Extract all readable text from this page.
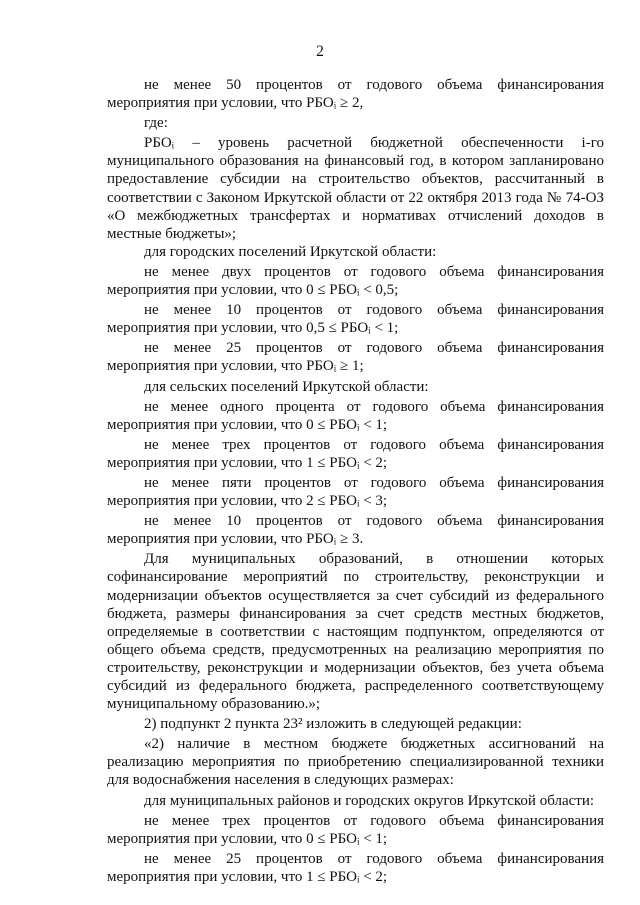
2

не менее 50 процентов от годового объема финансирования мероприятия при условии, что РБОᵢ ≥ 2,

где:

РБОᵢ – уровень расчетной бюджетной обеспеченности i-го муниципального образования на финансовый год, в котором запланировано предоставление субсидии на строительство объектов, рассчитанный в соответствии с Законом Иркутской области от 22 октября 2013 года № 74-ОЗ «О межбюджетных трансфертах и нормативах отчислений доходов в местные бюджеты»;

для городских поселений Иркутской области:

не менее двух процентов от годового объема финансирования мероприятия при условии, что 0 ≤ РБОᵢ < 0,5;

не менее 10 процентов от годового объема финансирования мероприятия при условии, что 0,5 ≤ РБОᵢ < 1;

не менее 25 процентов от годового объема финансирования мероприятия при условии, что РБОᵢ ≥ 1;

для сельских поселений Иркутской области:

не менее одного процента от годового объема финансирования мероприятия при условии, что 0 ≤ РБОᵢ < 1;

не менее трех процентов от годового объема финансирования мероприятия при условии, что 1 ≤ РБОᵢ < 2;

не менее пяти процентов от годового объема финансирования мероприятия при условии, что 2 ≤ РБОᵢ < 3;

не менее 10 процентов от годового объема финансирования мероприятия при условии, что РБОᵢ ≥ 3.

Для муниципальных образований, в отношении которых софинансирование мероприятий по строительству, реконструкции и модернизации объектов осуществляется за счет субсидий из федерального бюджета, размеры финансирования за счет средств местных бюджетов, определяемые в соответствии с настоящим подпунктом, определяются от общего объема средств, предусмотренных на реализацию мероприятия по строительству, реконструкции и модернизации объектов, без учета объема субсидий из федерального бюджета, распределенного соответствующему муниципальному образованию.»;

2) подпункт 2 пункта 23² изложить в следующей редакции:

«2) наличие в местном бюджете бюджетных ассигнований на реализацию мероприятия по приобретению специализированной техники для водоснабжения населения в следующих размерах:

для муниципальных районов и городских округов Иркутской области:

не менее трех процентов от годового объема финансирования мероприятия при условии, что 0 ≤ РБОᵢ < 1;

не менее 25 процентов от годового объема финансирования мероприятия при условии, что 1 ≤ РБОᵢ < 2;
